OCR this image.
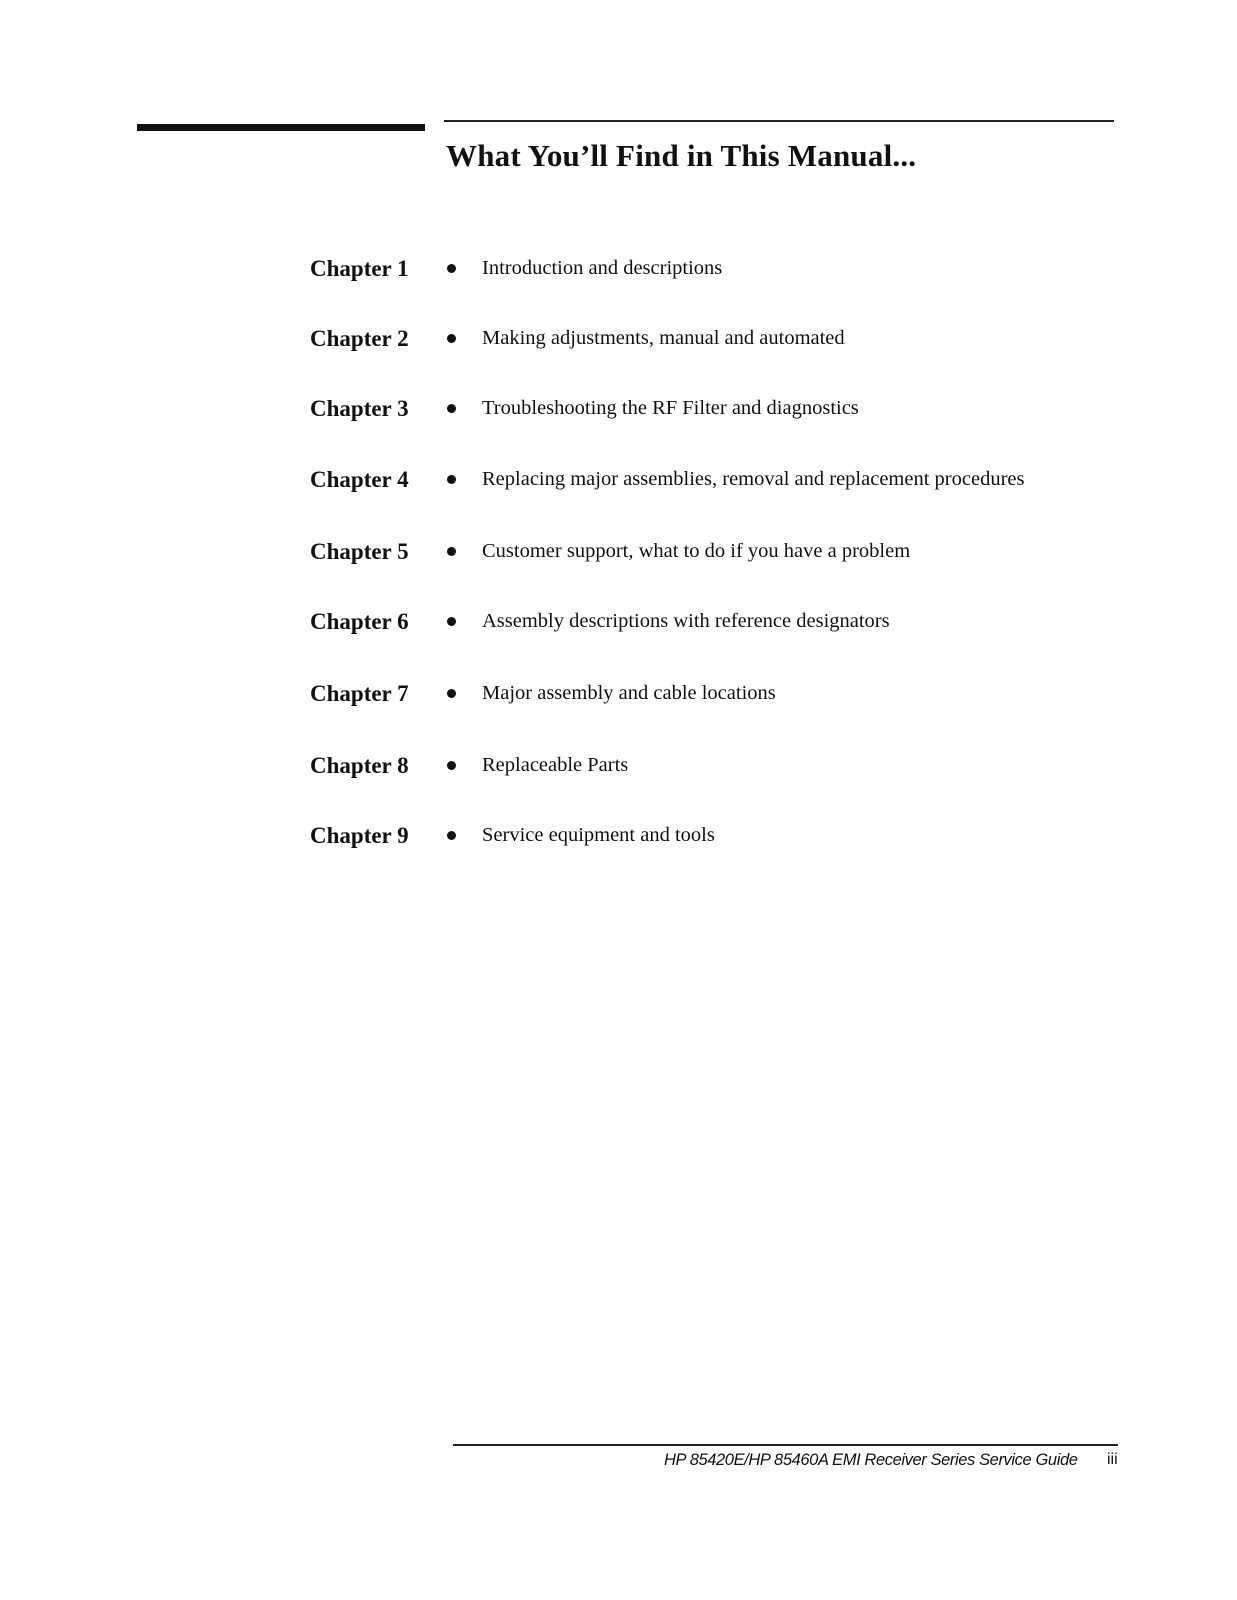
What You’ll Find in This Manual...
Chapter 1	Introduction and descriptions
Chapter 2	Making adjustments, manual and automated
Chapter 3	Troubleshooting the RF Filter and diagnostics
Chapter 4	Replacing major assemblies, removal and replacement procedures
Chapter 5	Customer support, what to do if you have a problem
Chapter 6	Assembly descriptions with reference designators
Chapter 7	Major assembly and cable locations
Chapter 8	Replaceable Parts
Chapter 9	Service equipment and tools
HP 85420E/HP 85460A EMI Receiver Series Service Guide iii
